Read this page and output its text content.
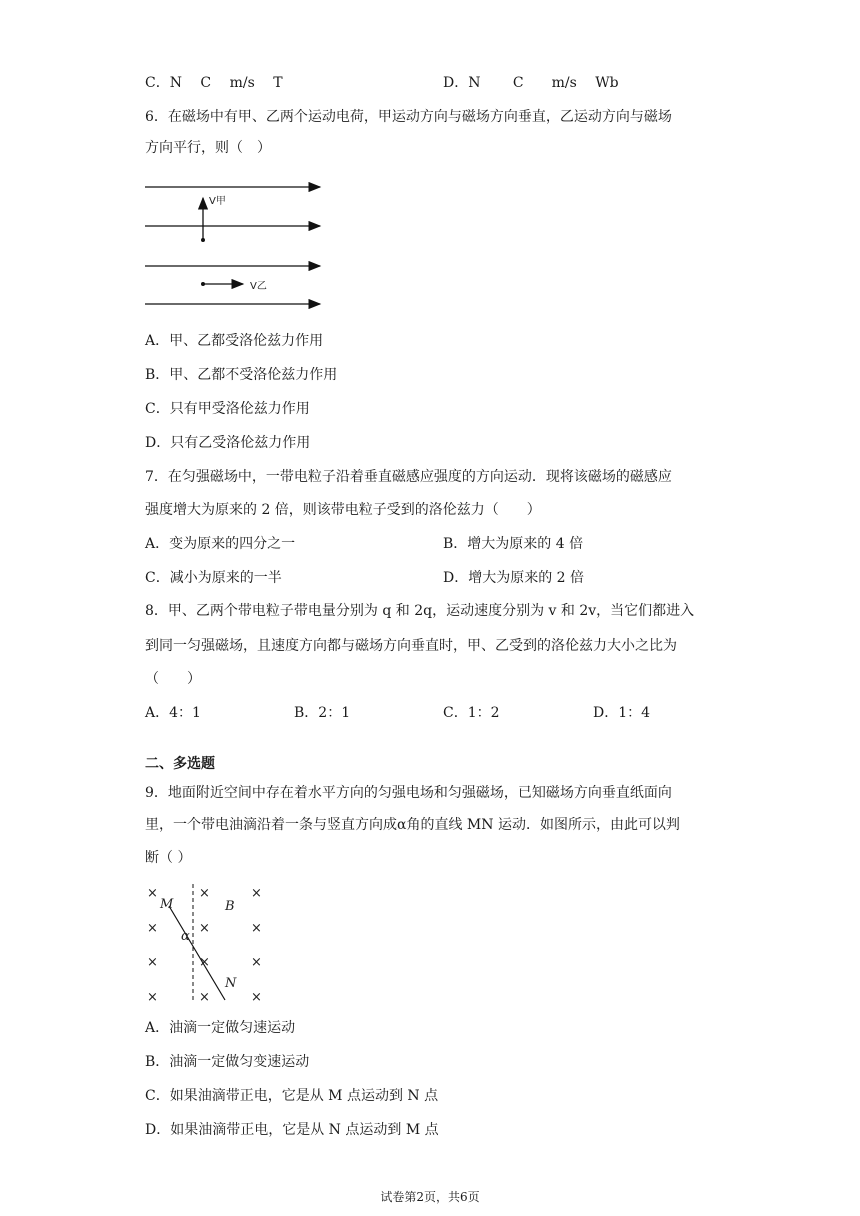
C．N　 C　 m/s　 T	D．N　　 C　　m/s　 Wb
6．在磁场中有甲、乙两个运动电荷，甲运动方向与磁场方向垂直，乙运动方向与磁场
方向平行，则（　）
V甲
V乙
A．甲、乙都受洛伦兹力作用
B．甲、乙都不受洛伦兹力作用
C．只有甲受洛伦兹力作用
D．只有乙受洛伦兹力作用
7．在匀强磁场中，一带电粒子沿着垂直磁感应强度的方向运动．现将该磁场的磁感应
强度增大为原来的 2 倍，则该带电粒子受到的洛伦兹力（　　）
A．变为原来的四分之一	B．增大为原来的 4 倍
C．减小为原来的一半	D．增大为原来的 2 倍
8．甲、乙两个带电粒子带电量分别为 q 和 2q，运动速度分别为 v 和 2v，当它们都进入
到同一匀强磁场，且速度方向都与磁场方向垂直时，甲、乙受到的洛伦兹力大小之比为
（　　）
A．4：1	B．2：1	C．1：2	D．1：4
二、多选题
9．地面附近空间中存在着水平方向的匀强电场和匀强磁场，已知磁场方向垂直纸面向
里，一个带电油滴沿着一条与竖直方向成α角的直线 MN 运动．如图所示，由此可以判
断（ ）
×	×	×
×	×	×
×	×	×
×	×	×
M	B
N
α
A．油滴一定做匀速运动
B．油滴一定做匀变速运动
C．如果油滴带正电，它是从 M 点运动到 N 点
D．如果油滴带正电，它是从 N 点运动到 M 点
试卷第2页，共6页
